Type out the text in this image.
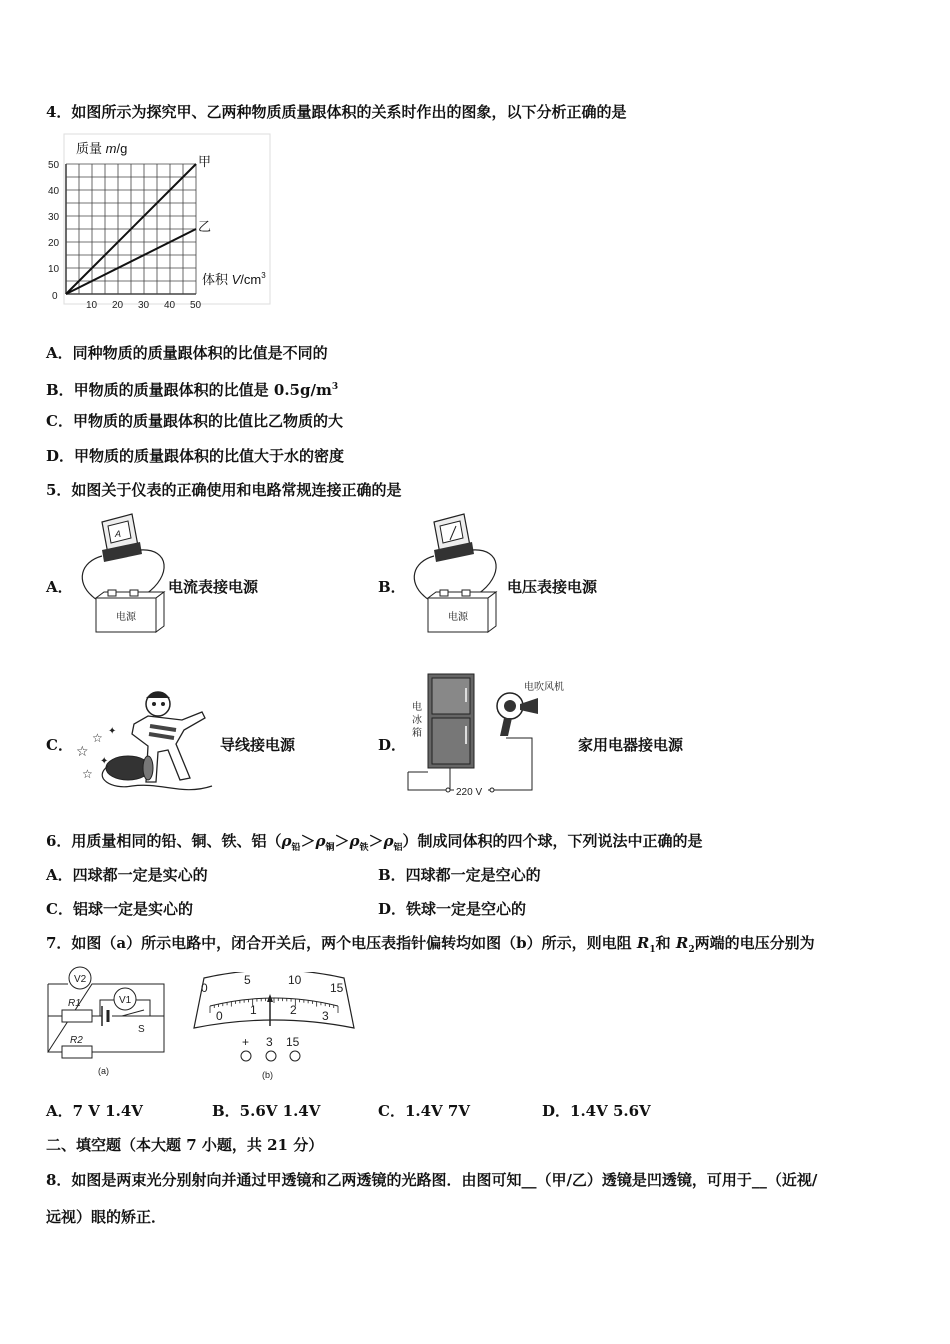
4．如图所示为探究甲、乙两种物质质量跟体积的关系时作出的图象，以下分析正确的是
甲
乙
10 20 30 40 50
10
20
30
40
50
质量 m/g
体积 $V/cm^3$
0
A．同种物质的质量跟体积的比值是不同的
B．甲物质的质量跟体积的比值是 $0.5g/m^3$
C．甲物质的质量跟体积的比值比乙物质的大
D．甲物质的质量跟体积的比值大于水的密度
5．如图关于仪表的正确使用和电路常规连接正确的是
A．
A
电源
电流表接电源	B．
电源
电压表接电源
C． ☆
☆
☆
✦
✦
导线接电源	D．
电
冰
箱
电吹风机
220 V
家用电器接电源
6．用质量相同的铅、铜、铁、铝$(\rho_铅>\rho_铜>\rho_铁>\rho_铝)$制成同体积的四个球，下列说法中正确的是
A．四球都一定是实心的	B．四球都一定是空心的
C．铝球一定是实心的	D．铁球一定是空心的
7．如图（a）所示电路中，闭合开关后，两个电压表指针偏转均如图（b）所示，则电阻 $R_1$和 $R_2$两端的电压分别为
V2
R1	V1
S
R2
(a)
0
5	10
15
0 1	2 3
+ 3 15
(b)
A．7 V 1.4V	B．5.6V 1.4V	C．1.4V 7V	D．1.4V 5.6V
二、填空题（本大题 7 小题，共 21 分）
8．如图是两束光分别射向并通过甲透镜和乙两透镜的光路图．由图可知__（甲/乙）透镜是凹透镜，可用于__（近视/
远视）眼的矫正．
